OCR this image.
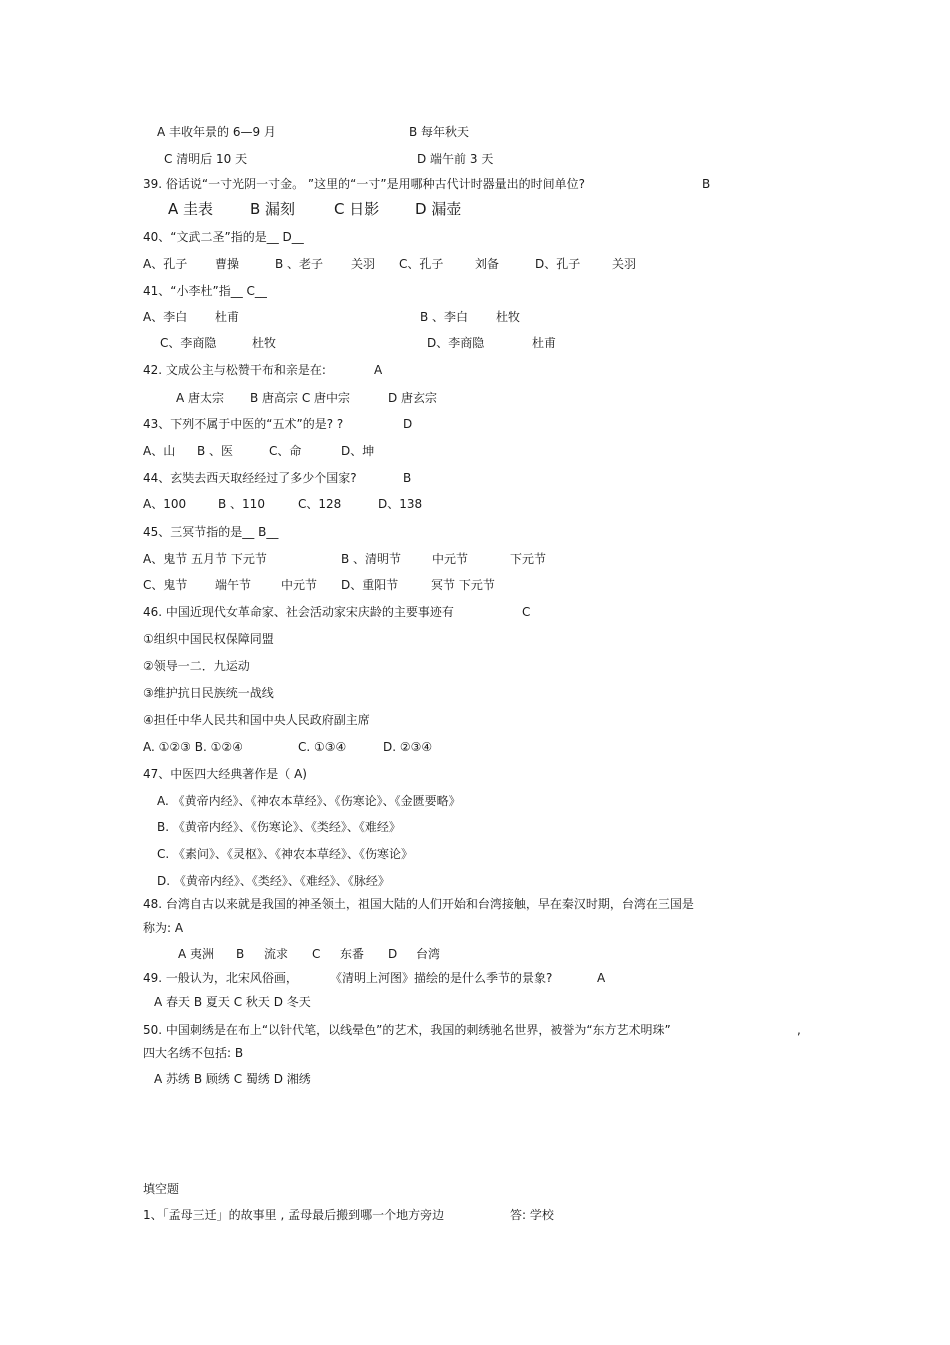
A 丰收年景的 6—9 月	B 每年秋天
C 清明后 10 天	D 端午前 3 天
39. 俗话说“一寸光阴一寸金。 ”这里的“一寸”是用哪种古代计时器量出的时间单位?	B
A 圭表 B 漏刻	C 日影 D 漏壶
40、“文武二圣”指的是__ D__
A、孔子 曹操	B 、老子 关羽 C、孔子	刘备	D、孔子	关羽
41、“小李杜”指__ C__
A、李白 杜甫	B 、李白 杜牧
C、李商隐	杜牧	D、李商隐	杜甫
42. 文成公主与松赞干布和亲是在:	A
A 唐太宗 B 唐高宗 C 唐中宗	D 唐玄宗
43、下列不属于中医的“五术”的是? ?	D
A、山 B 、医	C、命	D、坤
44、玄奘去西天取经经过了多少个国家?	B
A、100	B 、110	C、128	D、138
45、三冥节指的是__ B__
A、鬼节 五月节 下元节	B 、清明节	中元节	下元节
C、鬼节 端午节 中元节 D、重阳节	冥节 下元节
46. 中国近现代女革命家、社会活动家宋庆龄的主要事迹有	C
①组织中国民权保障同盟
②领导一二．九运动
③维护抗日民族统一战线
④担任中华人民共和国中央人民政府副主席
A. ①②③ B. ①②④	C. ①③④	D. ②③④
47、中医四大经典著作是（ A)
A. 《黄帝内经》、《神农本草经》、《伤寒论》、《金匮要略》
B. 《黄帝内经》、《伤寒论》、《类经》、《难经》
C. 《素问》、《灵枢》、《神农本草经》、《伤寒论》
D. 《黄帝内经》、《类经》、《难经》、《脉经》
48. 台湾自古以来就是我国的神圣领土，祖国大陆的人们开始和台湾接触，早在秦汉时期，台湾在三国是
称为: A
A 夷洲 B 流求 C 东番 D 台湾
49. 一般认为，北宋风俗画，	《清明上河图》描绘的是什么季节的景象?	A
A 春天 B 夏天 C 秋天 D 冬天
50. 中国刺绣是在布上“以针代笔，以线晕色”的艺术，我国的刺绣驰名世界，被誉为“东方艺术明珠”	,
四大名绣不包括: B
A 苏绣 B 顾绣 C 蜀绣 D 湘绣
填空题
1、「孟母三迁」的故事里 , 孟母最后搬到哪一个地方旁边	答: 学校
